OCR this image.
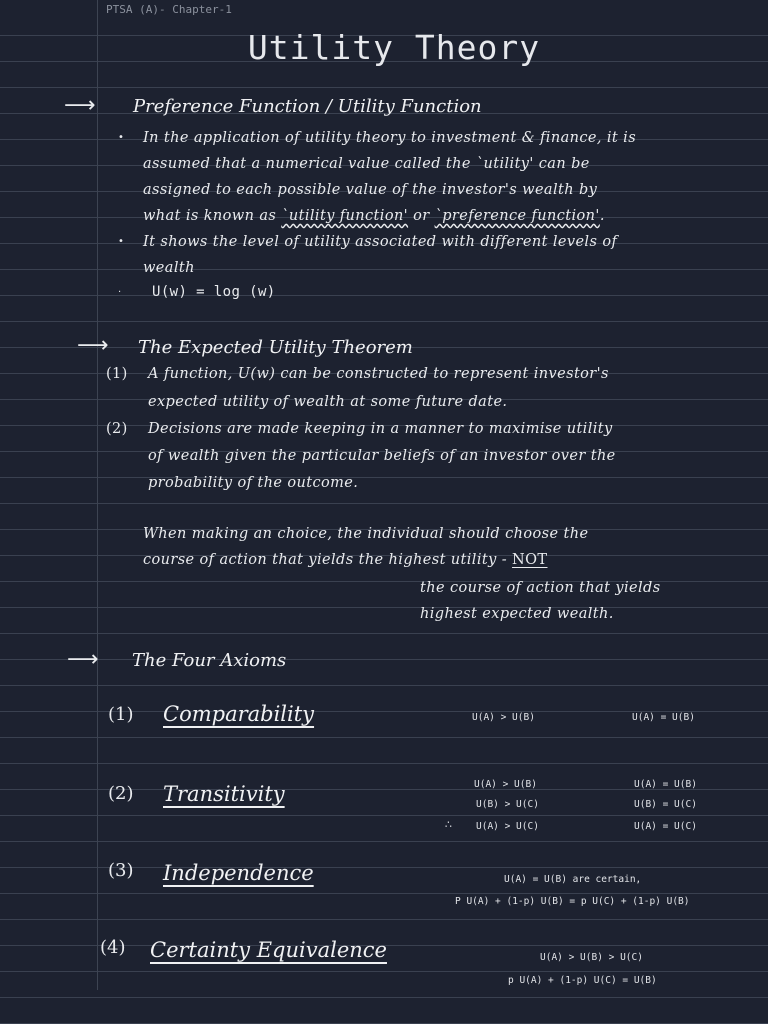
PTSA (A)- Chapter-1
Utility Theory
⟶ Preference Function / Utility Function
• In the application of utility theory to investment & finance, it is
assumed that a numerical value called the `utility' can be
assigned to each possible value of the investor's wealth by
what is known as `utility function' or `preference function'.
• It shows the level of utility associated with different levels of
wealth
· U(w) = log (w)
⟶ The Expected Utility Theorem
(1) A function, U(w) can be constructed to represent investor's
expected utility of wealth at some future date.
(2) Decisions are made keeping in a manner to maximise utility
of wealth given the particular beliefs of an investor over the
probability of the outcome.
When making an choice, the individual should choose the
course of action that yields the highest utility - NOT
the course of action that yields
highest expected wealth.
⟶ The Four Axioms
(1) Comparability	U(A) > U(B)	U(A) = U(B)
(2) Transitivity	U(A) > U(B)	U(A) = U(B)
U(B) > U(C)	U(B) = U(C)
∴	U(A) > U(C)	U(A) = U(C)
(3) Independence	U(A) = U(B) are certain,
P U(A) + (1-p) U(B) = p U(C) + (1-p) U(B)
(4) Certainty Equivalence	U(A) > U(B) > U(C)
p U(A) + (1-p) U(C) = U(B)
